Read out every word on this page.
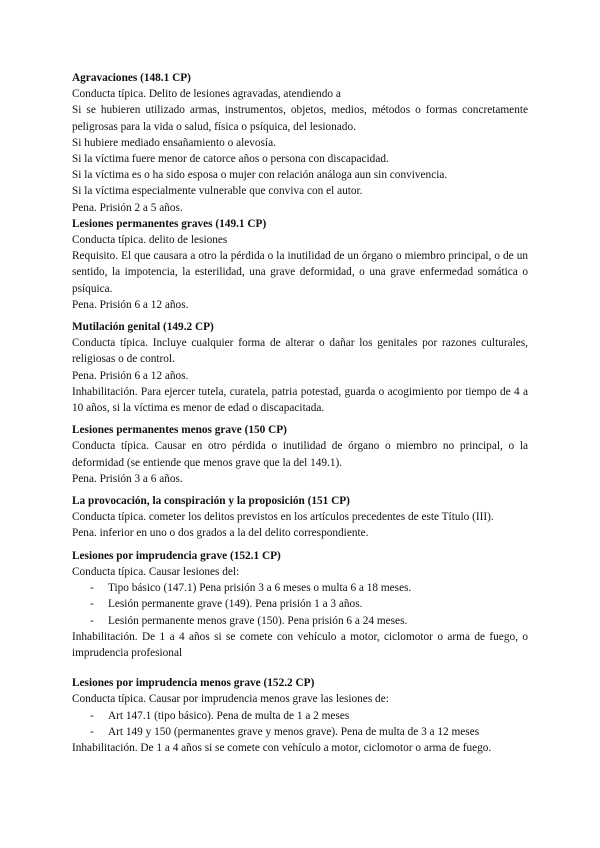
Agravaciones (148.1 CP)

Conducta típica. Delito de lesiones agravadas, atendiendo a

Si se hubieren utilizado armas, instrumentos, objetos, medios, métodos o formas concretamente peligrosas para la vida o salud, física o psíquica, del lesionado.

Si hubiere mediado ensañamiento o alevosía.

Si la víctima fuere menor de catorce años o persona con discapacidad.

Si la víctima es o ha sido esposa o mujer con relación análoga aun sin convivencia.

Si la víctima especialmente vulnerable que conviva con el autor.

Pena. Prisión 2 a 5 años.

Lesiones permanentes graves (149.1 CP)

Conducta típica. delito de lesiones

Requisito. El que causara a otro la pérdida o la inutilidad de un órgano o miembro principal, o de un sentido, la impotencia, la esterilidad, una grave deformidad, o una grave enfermedad somática o psíquica.

Pena. Prisión 6 a 12 años.

Mutilación genital (149.2 CP)

Conducta típica. Incluye cualquier forma de alterar o dañar los genitales por razones culturales, religiosas o de control.

Pena. Prisión 6 a 12 años.

Inhabilitación. Para ejercer tutela, curatela, patria potestad, guarda o acogimiento por tiempo de 4 a 10 años, si la víctima es menor de edad o discapacitada.

Lesiones permanentes menos grave (150 CP)

Conducta típica. Causar en otro pérdida o inutilidad de órgano o miembro no principal, o la deformidad (se entiende que menos grave que la del 149.1).

Pena. Prisión 3 a 6 años.

La provocación, la conspiración y la proposición (151 CP)

Conducta típica. cometer los delitos previstos en los artículos precedentes de este Título (III).

Pena. inferior en uno o dos grados a la del delito correspondiente.

Lesiones por imprudencia grave (152.1 CP)

Conducta típica. Causar lesiones del:

- Tipo básico (147.1) Pena prisión 3 a 6 meses o multa 6 a 18 meses.
- Lesión permanente grave (149). Pena prisión 1 a 3 años.
- Lesión permanente menos grave (150). Pena prisión 6 a 24 meses.

Inhabilitación. De 1 a 4 años si se comete con vehículo a motor, ciclomotor o arma de fuego, o imprudencia profesional

Lesiones por imprudencia menos grave (152.2 CP)

Conducta típica. Causar por imprudencia menos grave las lesiones de:

- Art 147.1 (tipo básico). Pena de multa de 1 a 2 meses
- Art 149 y 150 (permanentes grave y menos grave). Pena de multa de 3 a 12 meses

Inhabilitación. De 1 a 4 años si se comete con vehículo a motor, ciclomotor o arma de fuego.
